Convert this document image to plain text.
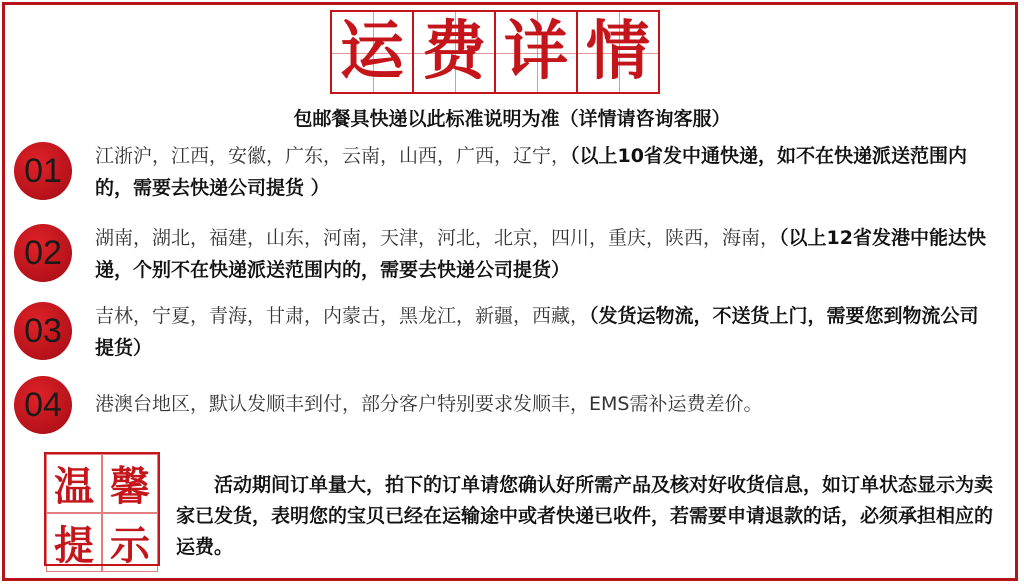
运 费 详 情
包邮餐具快递以此标准说明为准（详情请咨询客服）
01	江浙沪，江西，安徽，广东，云南，山西，广西，辽宁，（以上10省发中通快递，如不在快递派送范围内的，需要去快递公司提货 ）
02	湖南，湖北，福建，山东，河南，天津，河北，北京，四川，重庆，陕西，海南，（以上12省发港中能达快递，个别不在快递派送范围内的，需要去快递公司提货）
03	吉林，宁夏，青海，甘肃，内蒙古，黑龙江，新疆，西藏，（发货运物流，不送货上门，需要您到物流公司提货）
04	港澳台地区，默认发顺丰到付，部分客户特别要求发顺丰，EMS需补运费差价。
温 馨
提 示
活动期间订单量大，拍下的订单请您确认好所需产品及核对好收货信息，如订单状态显示为卖家已发货，表明您的宝贝已经在运输途中或者快递已收件，若需要申请退款的话，必须承担相应的运费。
